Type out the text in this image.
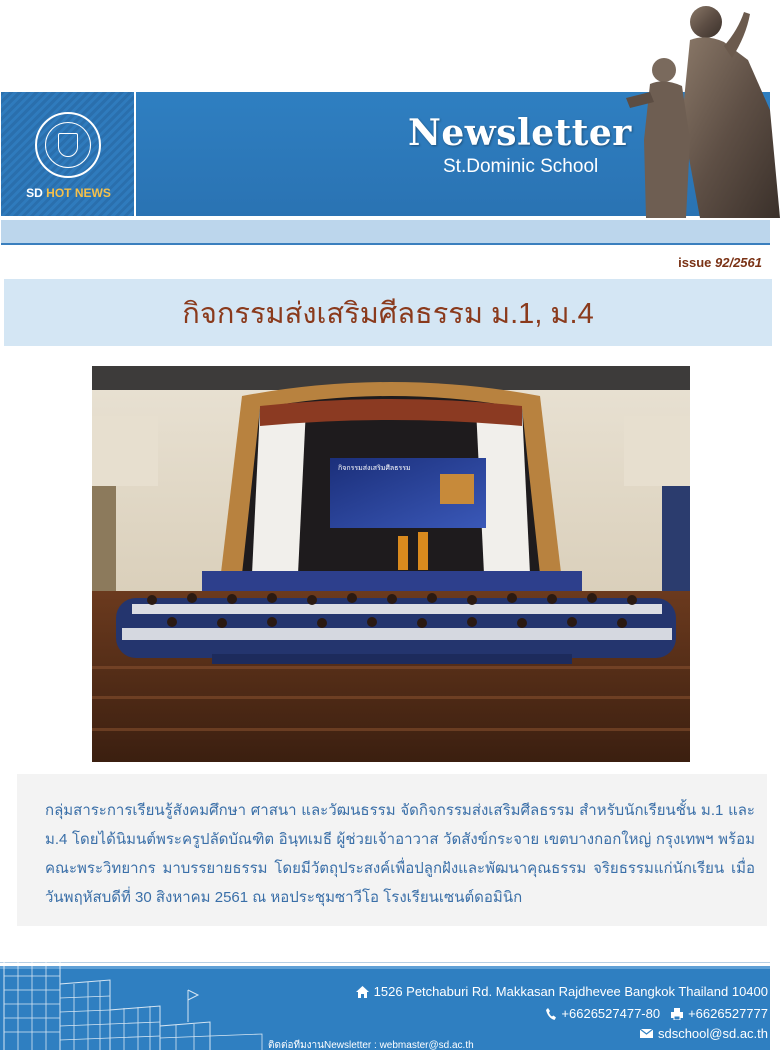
SD HOT NEWS
Newsletter
St.Dominic School
issue 92/2561
กิจกรรมส่งเสริมศีลธรรม ม.1, ม.4
กิจกรรมส่งเสริมศีลธรรม

กลุ่มสาระการเรียนรู้สังคมศึกษา ศาสนา และวัฒนธรรม จัดกิจกรรมส่งเสริมศีลธรรม สำหรับนักเรียนชั้น ม.1 และ ม.4 โดยได้นิมนต์พระครูปลัดบัณฑิต อินฺทเมธี ผู้ช่วยเจ้าอาวาส วัดสังข์กระจาย เขตบางกอกใหญ่ กรุงเทพฯ พร้อมคณะพระวิทยากร มาบรรยายธรรม โดยมีวัตถุประสงค์เพื่อปลูกฝังและพัฒนาคุณธรรม จริยธรรมแก่นักเรียน เมื่อวันพฤหัสบดีที่ 30 สิงหาคม 2561 ณ หอประชุมซาวีโอ โรงเรียนเซนต์ดอมินิก

1526 Petchaburi Rd. Makkasan Rajdhevee Bangkok Thailand 10400
+6626527477-80 +6626527777
sdschool@sd.ac.th
ติดต่อทีมงานNewsletter : webmaster@sd.ac.th
